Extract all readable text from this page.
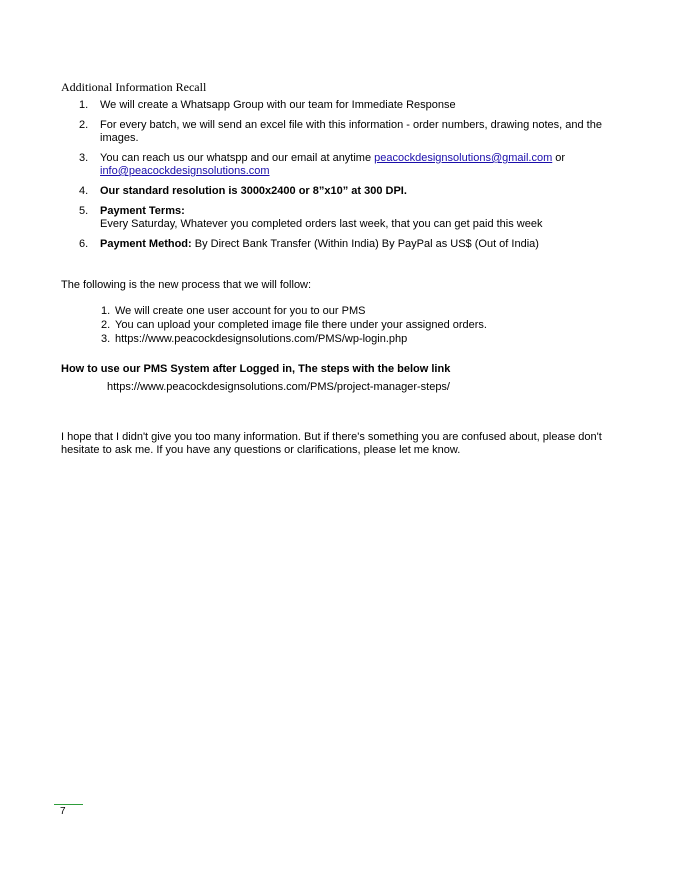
Additional Information Recall
1. We will create a Whatsapp Group with our team for Immediate Response
2. For every batch, we will send an excel file with this information - order numbers, drawing notes, and the images.
3. You can reach us our whatspp and our email at anytime peacockdesignsolutions@gmail.com or info@peacockdesignsolutions.com
4. Our standard resolution is 3000x2400 or 8”x10” at 300 DPI.
5. Payment Terms:
Every Saturday, Whatever you completed orders last week, that you can get paid this week
6. Payment Method: By Direct Bank Transfer (Within India) By PayPal as US$ (Out of India)
The following is the new process that we will follow:
1. We will create one user account for you to our PMS
2. You can upload your completed image file there under your assigned orders.
3. https://www.peacockdesignsolutions.com/PMS/wp-login.php
How to use our PMS System after Logged in, The steps with the below link
https://www.peacockdesignsolutions.com/PMS/project-manager-steps/
I hope that I didn't give you too many information. But if there's something you are confused about, please don't hesitate to ask me. If you have any questions or clarifications, please let me know.
7
